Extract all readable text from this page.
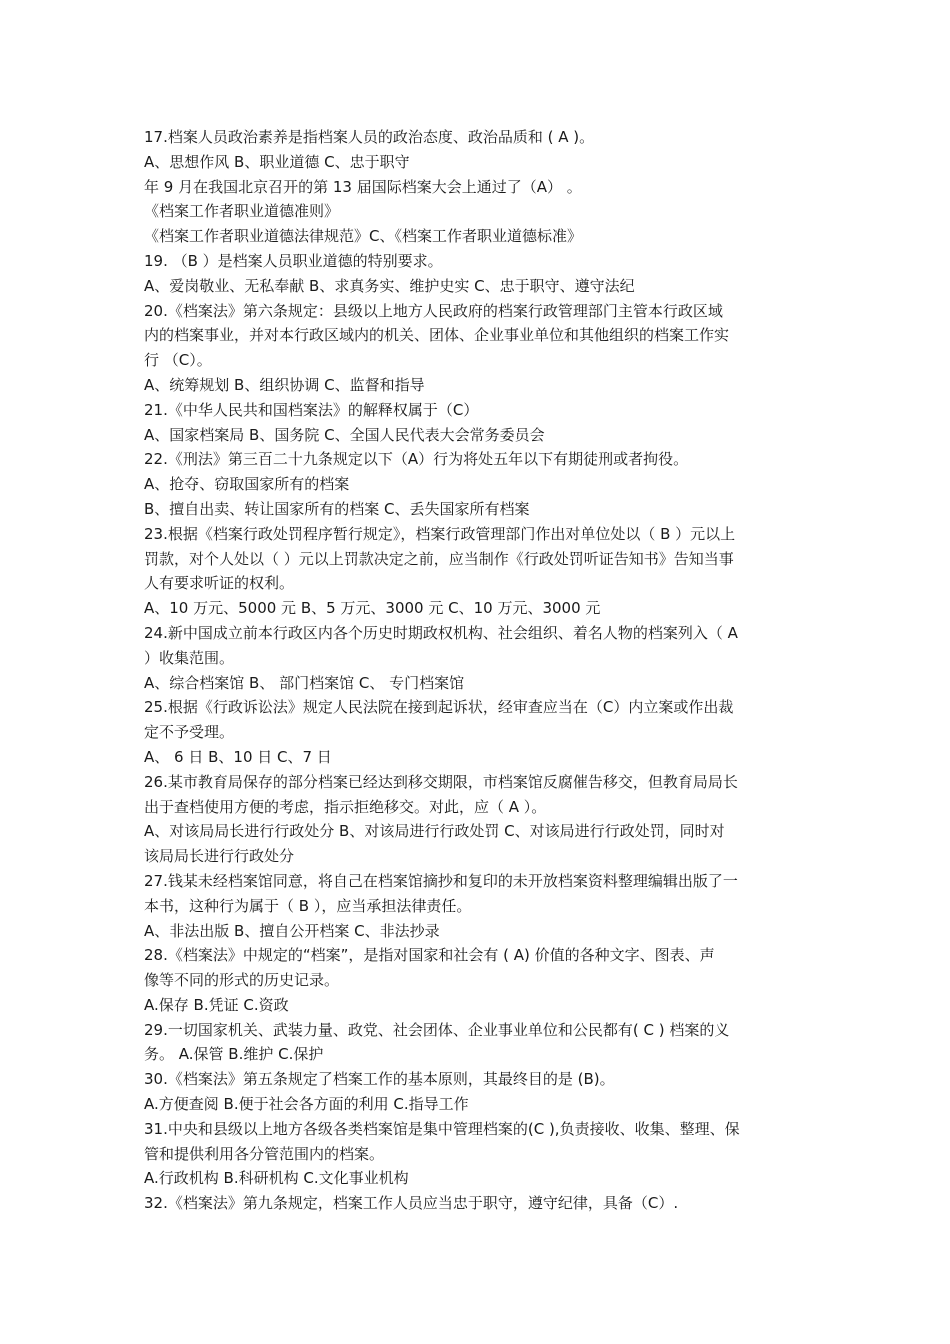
17.档案人员政治素养是指档案人员的政治态度、政治品质和 ( A )。
A、思想作风 B、职业道德 C、忠于职守
年 9 月在我国北京召开的第 13 届国际档案大会上通过了（A） 。
《档案工作者职业道德准则》
《档案工作者职业道德法律规范》C、《档案工作者职业道德标准》
19. （B ）是档案人员职业道德的特别要求。
A、爱岗敬业、无私奉献 B、求真务实、维护史实 C、忠于职守、遵守法纪
20.《档案法》第六条规定：县级以上地方人民政府的档案行政管理部门主管本行政区域
内的档案事业，并对本行政区域内的机关、团体、企业事业单位和其他组织的档案工作实
行 （C）。
A、统筹规划 B、组织协调 C、监督和指导
21.《中华人民共和国档案法》的解释权属于（C）
A、国家档案局 B、国务院 C、全国人民代表大会常务委员会
22.《刑法》第三百二十九条规定以下（A）行为将处五年以下有期徒刑或者拘役。
A、抢夺、窃取国家所有的档案
B、擅自出卖、转让国家所有的档案 C、丢失国家所有档案
23.根据《档案行政处罚程序暂行规定》，档案行政管理部门作出对单位处以（ B ）元以上
罚款，对个人处以（ ）元以上罚款决定之前，应当制作《行政处罚听证告知书》告知当事
人有要求听证的权利。
A、10 万元、5000 元 B、5 万元、3000 元 C、10 万元、3000 元
24.新中国成立前本行政区内各个历史时期政权机构、社会组织、着名人物的档案列入（ A
）收集范围。
A、综合档案馆 B、 部门档案馆 C、 专门档案馆
25.根据《行政诉讼法》规定人民法院在接到起诉状，经审查应当在（C）内立案或作出裁
定不予受理。
A、 6 日 B、10 日 C、7 日
26.某市教育局保存的部分档案已经达到移交期限，市档案馆反腐催告移交，但教育局局长
出于查档使用方便的考虑，指示拒绝移交。对此，应（ A ）。
A、对该局局长进行行政处分 B、对该局进行行政处罚 C、对该局进行行政处罚，同时对
该局局长进行行政处分
27.钱某未经档案馆同意，将自己在档案馆摘抄和复印的未开放档案资料整理编辑出版了一
本书，这种行为属于（ B ），应当承担法律责任。
A、非法出版 B、擅自公开档案 C、非法抄录
28.《档案法》中规定的“档案”，是指对国家和社会有 ( A) 价值的各种文字、图表、声
像等不同的形式的历史记录。
A.保存 B.凭证 C.资政
29.一切国家机关、武装力量、政党、社会团体、企业事业单位和公民都有( C ) 档案的义
务。 A.保管 B.维护 C.保护
30.《档案法》第五条规定了档案工作的基本原则，其最终目的是 (B)。
A.方便查阅 B.便于社会各方面的利用 C.指导工作
31.中央和县级以上地方各级各类档案馆是集中管理档案的(C ),负责接收、收集、整理、保
管和提供利用各分管范围内的档案。
A.行政机构 B.科研机构 C.文化事业机构
32.《档案法》第九条规定，档案工作人员应当忠于职守，遵守纪律，具备（C）.
